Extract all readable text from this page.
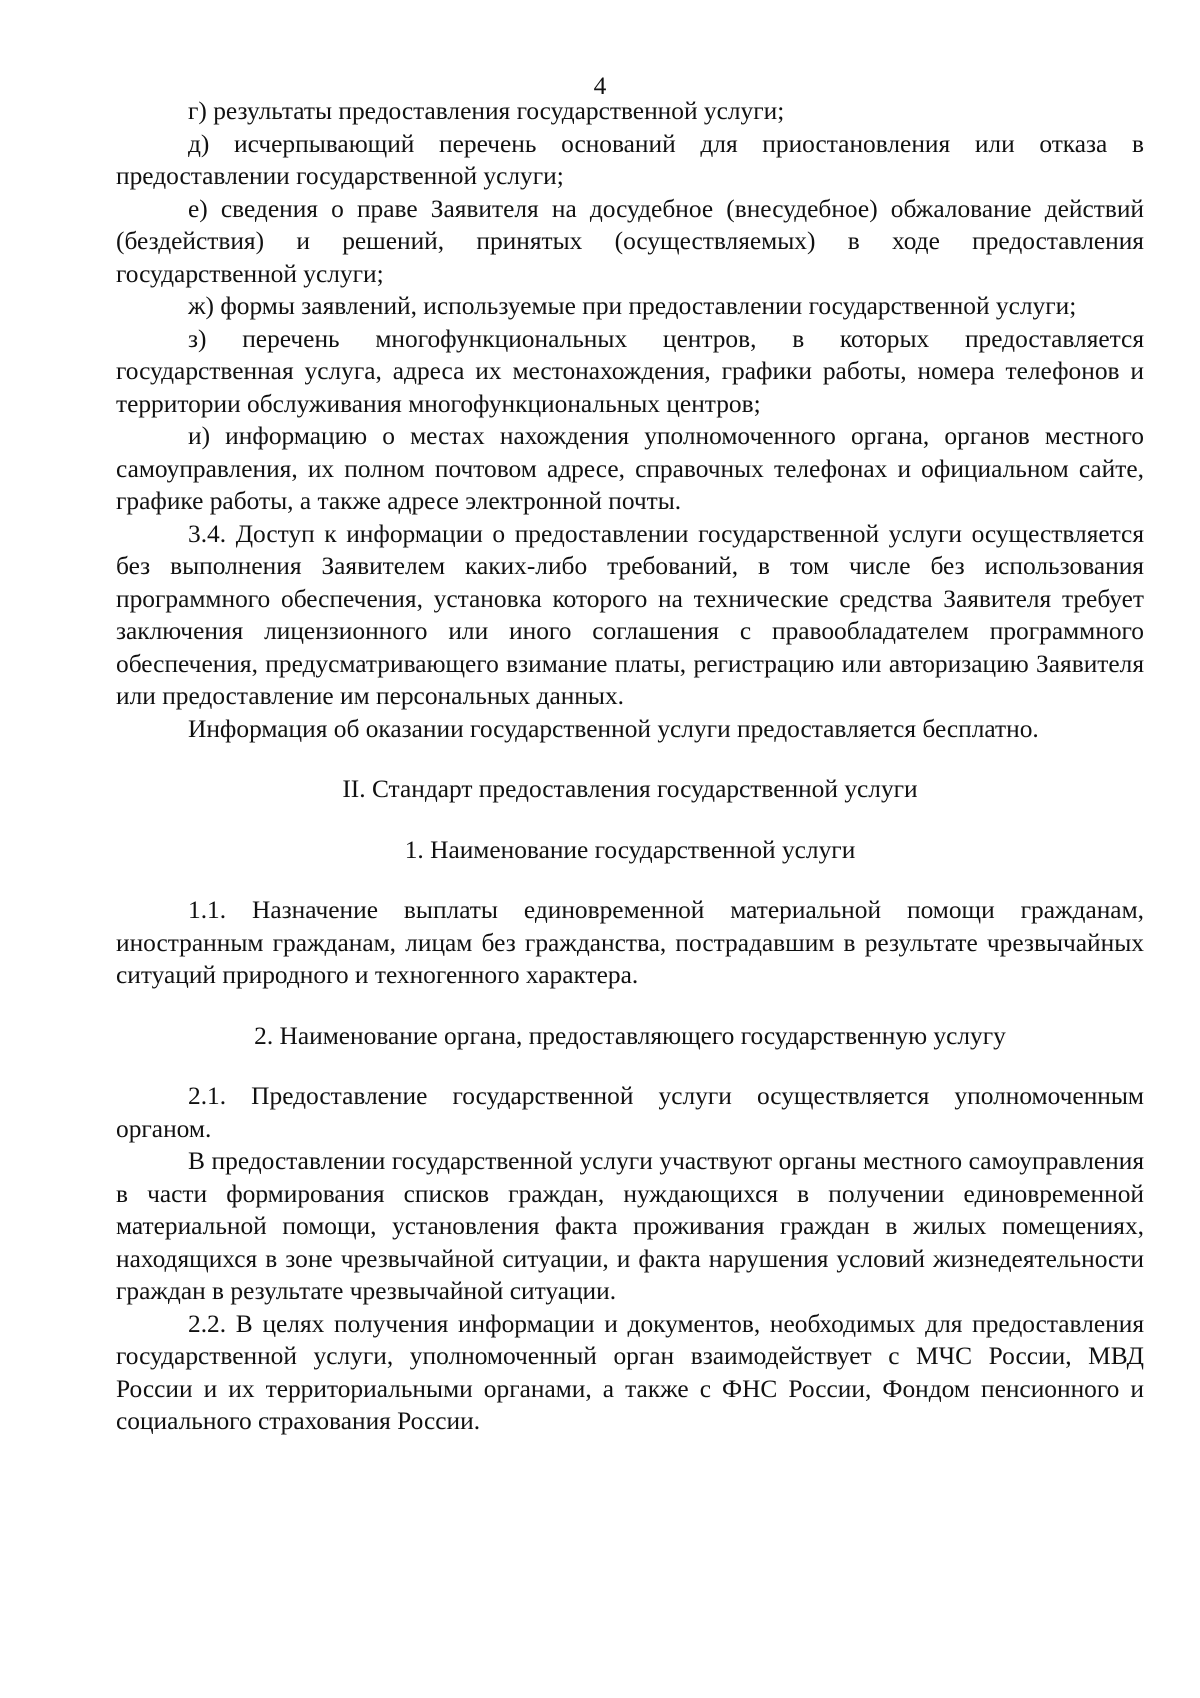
4

г) результаты предоставления государственной услуги;

д) исчерпывающий перечень оснований для приостановления или отказа в предоставлении государственной услуги;

е) сведения о праве Заявителя на досудебное (внесудебное) обжалование действий (бездействия) и решений, принятых (осуществляемых) в ходе предоставления государственной услуги;

ж) формы заявлений, используемые при предоставлении государственной услуги;

з) перечень многофункциональных центров, в которых предоставляется государственная услуга, адреса их местонахождения, графики работы, номера телефонов и территории обслуживания многофункциональных центров;

и) информацию о местах нахождения уполномоченного органа, органов местного самоуправления, их полном почтовом адресе, справочных телефонах и официальном сайте, графике работы, а также адресе электронной почты.

3.4. Доступ к информации о предоставлении государственной услуги осуществляется без выполнения Заявителем каких-либо требований, в том числе без использования программного обеспечения, установка которого на технические средства Заявителя требует заключения лицензионного или иного соглашения с правообладателем программного обеспечения, предусматривающего взимание платы, регистрацию или авторизацию Заявителя или предоставление им персональных данных.

Информация об оказании государственной услуги предоставляется бесплатно.

II. Стандарт предоставления государственной услуги

1. Наименование государственной услуги

1.1. Назначение выплаты единовременной материальной помощи гражданам, иностранным гражданам, лицам без гражданства, пострадавшим в результате чрезвычайных ситуаций природного и техногенного характера.

2. Наименование органа, предоставляющего государственную услугу

2.1. Предоставление государственной услуги осуществляется уполномоченным органом.

В предоставлении государственной услуги участвуют органы местного самоуправления в части формирования списков граждан, нуждающихся в получении единовременной материальной помощи, установления факта проживания граждан в жилых помещениях, находящихся в зоне чрезвычайной ситуации, и факта нарушения условий жизнедеятельности граждан в результате чрезвычайной ситуации.

2.2. В целях получения информации и документов, необходимых для предоставления государственной услуги, уполномоченный орган взаимодействует с МЧС России, МВД России и их территориальными органами, а также с ФНС России, Фондом пенсионного и социального страхования России.
